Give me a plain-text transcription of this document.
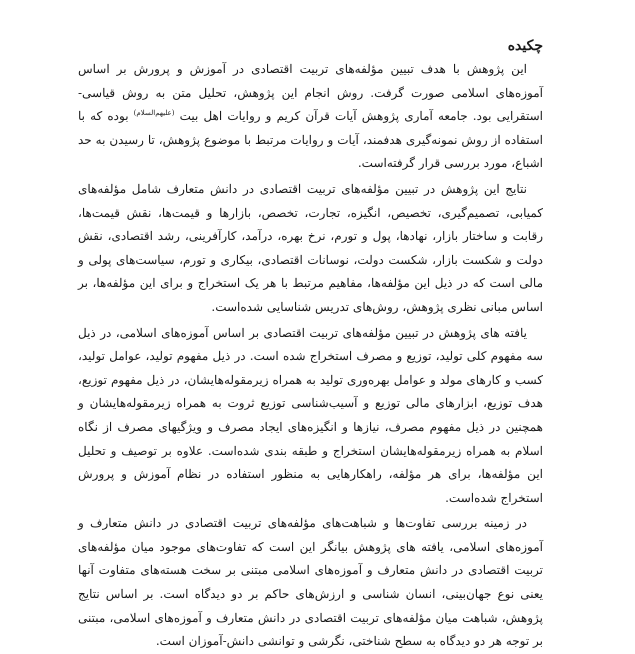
چکیده

این پژوهش با هدف تبیین مؤلفه‌های تربیت اقتصادی در آموزش و پرورش بر اساس آموزه‌های اسلامی صورت گرفت. روش انجام این پژوهش، تحلیل متن به روش قیاسی- استقرایی بود. جامعه آماری پژوهش آیات قرآن کریم و روایات اهل بیت $^{(علیهم‌السلام)}$ بوده که با استفاده از روش نمونه‌گیری هدفمند، آیات و روایات مرتبط با موضوع پژوهش، تا رسیدن به حد اشباع، مورد بررسی قرار گرفته‌است.

نتایج این پژوهش در تبیین مؤلفه‌های تربیت اقتصادی در دانش متعارف شامل مؤلفه‌های کمیابی، تصمیم‌گیری، تخصیص، انگیزه، تجارت، تخصص، بازارها و قیمت‌ها، نقش قیمت‌ها، رقابت و ساختار بازار، نهادها، پول و تورم، نرخ بهره، درآمد، کارآفرینی، رشد اقتصادی، نقش دولت و شکست بازار، شکست دولت، نوسانات اقتصادی، بیکاری و تورم، سیاست‌های پولی و مالی است که در ذیل این مؤلفه‌ها، مفاهیم مرتبط با هر یک استخراج و برای این مؤلفه‌ها، بر اساس مبانی نظری پژوهش، روش‌های تدریس شناسایی شده‌است.

یافته های پژوهش در تبیین مؤلفه‌های تربیت اقتصادی بر اساس آموزه‌های اسلامی، در ذیل سه مفهوم کلی تولید، توزیع و مصرف استخراج شده است. در ذیل مفهوم تولید، عوامل تولید، کسب و کارهای مولد و عوامل بهره‌وری تولید به همراه زیرمقوله‌هایشان، در ذیل مفهوم توزیع، هدف توزیع، ابزارهای مالی توزیع و آسیب‌شناسی توزیع ثروت به همراه زیرمقوله‌هایشان و همچنین در ذیل مفهوم مصرف، نیازها و انگیزه‌های ایجاد مصرف و ویژگیهای مصرف از نگاه اسلام به همراه زیرمقوله‌هایشان استخراج و طبقه بندی شده‌است. علاوه بر توصیف و تحلیل این مؤلفه‌ها، برای هر مؤلفه، راهکارهایی به منظور استفاده در نظام آموزش و پرورش استخراج شده‌است.

در زمینه بررسی تفاوت‌ها و شباهت‌های مؤلفه‌های تربیت اقتصادی در دانش متعارف و آموزه‌های اسلامی، یافته های پژوهش بیانگر این است که تفاوت‌های موجود میان مؤلفه‌های تربیت اقتصادی در دانش متعارف و آموزه‌های اسلامی مبتنی بر سخت هسته‌های متفاوت آنها یعنی نوع جهان‌بینی، انسان شناسی و ارزش‌های حاکم بر دو دیدگاه است. بر اساس نتایج پژوهش، شباهت میان مؤلفه‌های تربیت اقتصادی در دانش متعارف و آموزه‌های اسلامی، مبتنی بر توجه هر دو دیدگاه به سطح شناختی، نگرشی و توانشی دانش-آموزان است.
